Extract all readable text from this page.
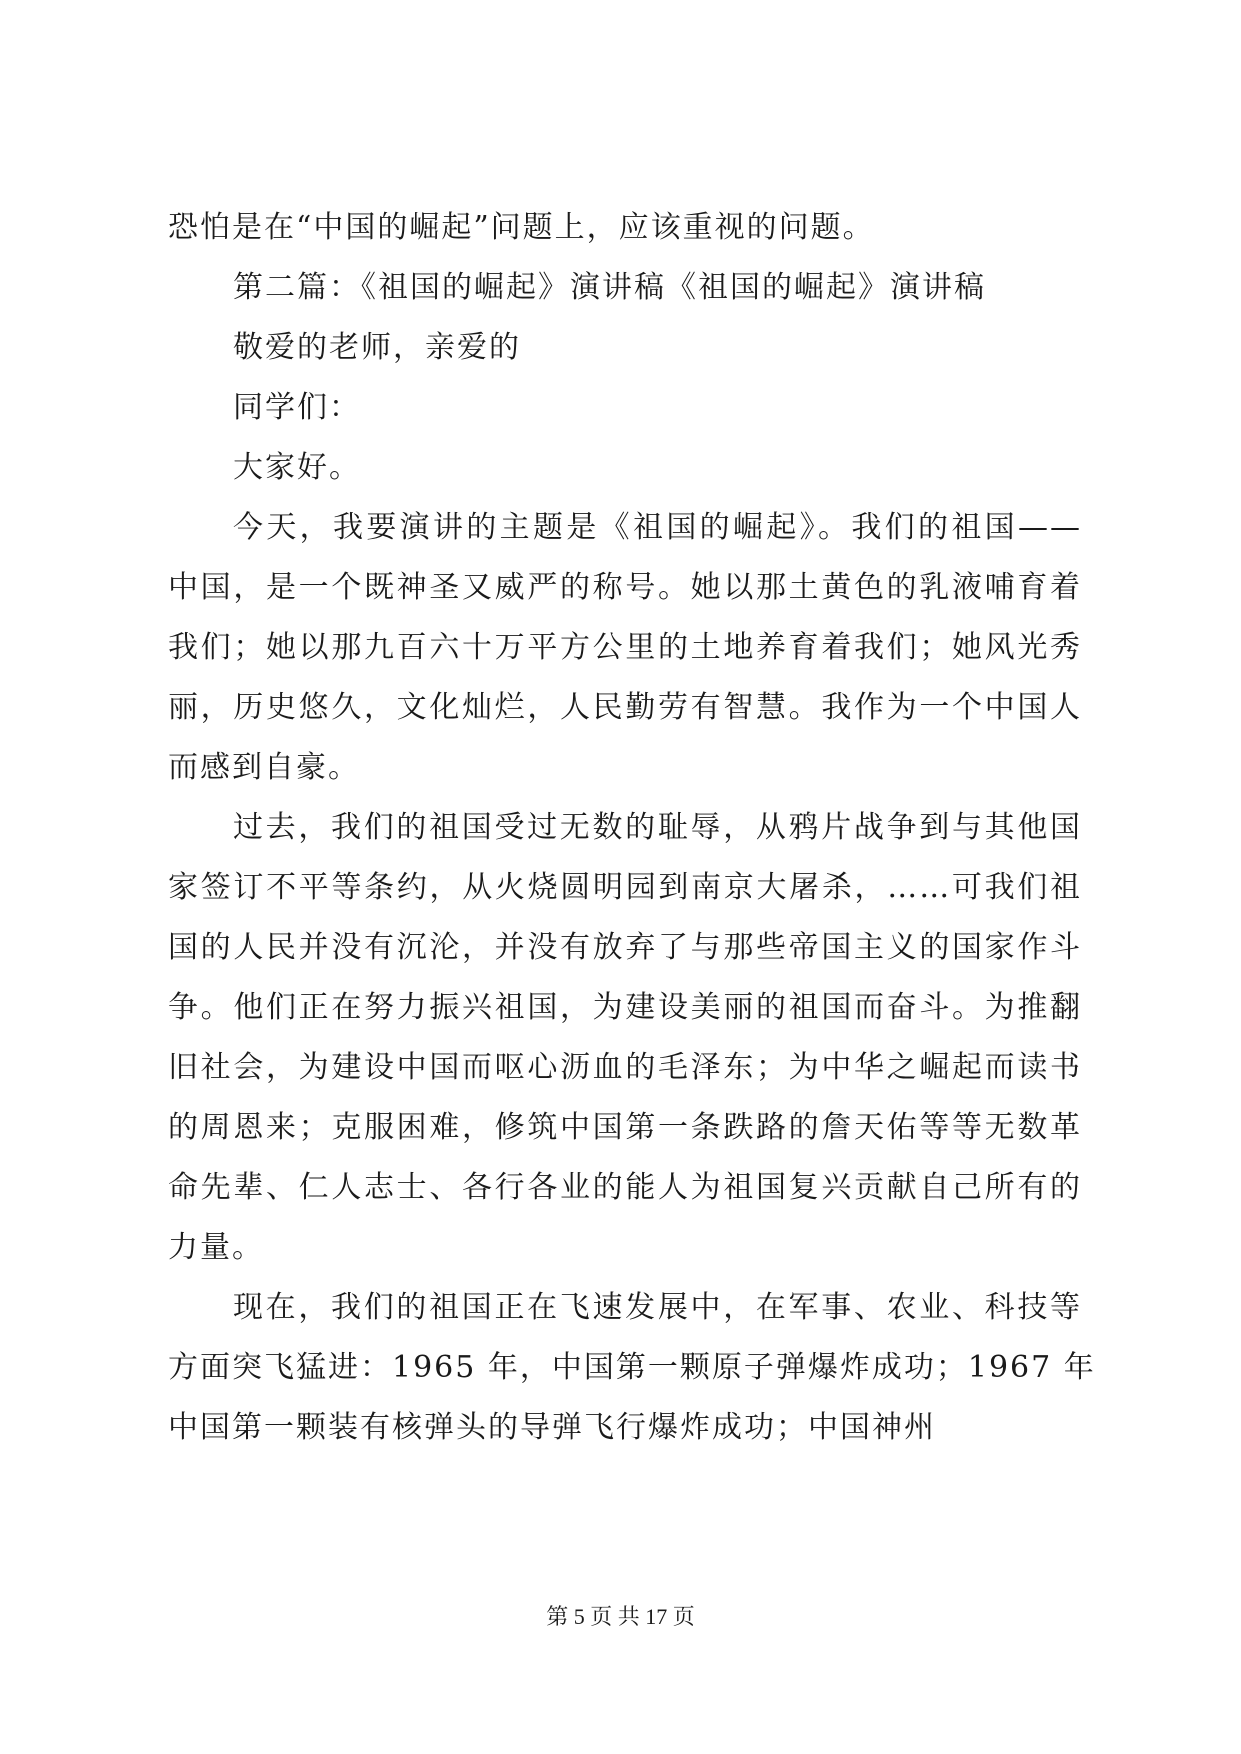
恐怕是在“中国的崛起”问题上，应该重视的问题。
第二篇：《祖国的崛起》演讲稿《祖国的崛起》演讲稿
敬爱的老师，亲爱的
同学们：
大家好。
今天，我要演讲的主题是《祖国的崛起》。我们的祖国——
中国，是一个既神圣又威严的称号。她以那土黄色的乳液哺育着
我们；她以那九百六十万平方公里的土地养育着我们；她风光秀
丽，历史悠久，文化灿烂，人民勤劳有智慧。我作为一个中国人
而感到自豪。
过去，我们的祖国受过无数的耻辱，从鸦片战争到与其他国
家签订不平等条约，从火烧圆明园到南京大屠杀，……可我们祖
国的人民并没有沉沦，并没有放弃了与那些帝国主义的国家作斗
争。他们正在努力振兴祖国，为建设美丽的祖国而奋斗。为推翻
旧社会，为建设中国而呕心沥血的毛泽东；为中华之崛起而读书
的周恩来；克服困难，修筑中国第一条跌路的詹天佑等等无数革
命先辈、仁人志士、各行各业的能人为祖国复兴贡献自己所有的
力量。
现在，我们的祖国正在飞速发展中，在军事、农业、科技等
方面突飞猛进：1965 年，中国第一颗原子弹爆炸成功；1967 年
中国第一颗装有核弹头的导弹飞行爆炸成功；中国神州
第 5 页 共 17 页
